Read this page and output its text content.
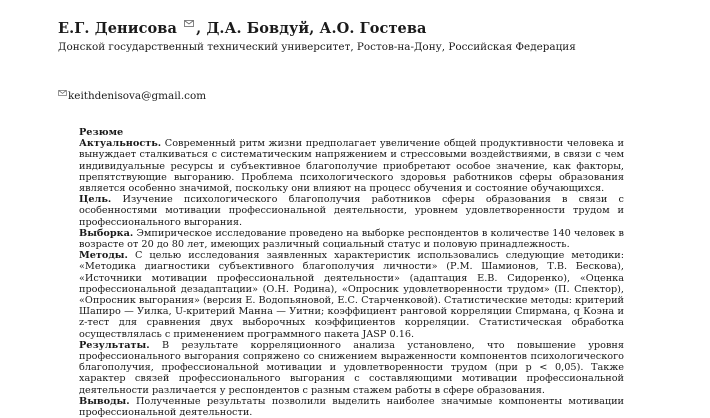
Е.Г. Денисова , Д.А. Бовдуй, А.О. Гостева
Донской государственный технический университет, Ростов-на-Дону, Российская Федерация
keithdenisova@gmail.com

Резюме

Актуальность. Современный ритм жизни предполагает увеличение общей продуктивности человека и вынуждает сталкиваться с систематическим напряжением и стрессовыми воздействиями, в связи с чем индивидуальные ресурсы и субъективное благополучие приобретают особое значение, как факторы, препятствующие выгоранию. Проблема психологического здоровья работников сферы образования является особенно значимой, поскольку они влияют на процесс обучения и состояние обучающихся.

Цель. Изучение психологического благополучия работников сферы образования в связи с особенностями мотивации профессиональной деятельности, уровнем удовлетворенности трудом и профессионального выгорания.

Выборка. Эмпирическое исследование проведено на выборке респондентов в количестве 140 человек в возрасте от 20 до 80 лет, имеющих различный социальный статус и половую принадлежность.

Методы. С целью исследования заявленных характеристик использовались следующие методики: «Методика диагностики субъективного благополучия личности» (Р.М. Шамионов, Т.В. Бескова), «Источники мотивации профессиональной деятельности» (адаптация Е.В. Сидоренко), «Оценка профессиональной дезадаптации» (О.Н. Родина), «Опросник удовлетворенности трудом» (П. Спектор), «Опросник выгорания» (версия Е. Водопьяновой, Е.С. Старченковой). Статистические методы: критерий Шапиро — Уилка, U-критерий Манна — Уитни; коэффициент ранговой корреляции Спирмана, q Коэна и z-тест для сравнения двух выборочных коэффициентов корреляции. Статистическая обработка осуществлялась с применением программного пакета JASP 0.16.

Результаты. В результате корреляционного анализа установлено, что повышение уровня профессионального выгорания сопряжено со снижением выраженности компонентов психологического благополучия, профессиональной мотивации и удовлетворенности трудом (при p < 0,05). Также характер связей профессионального выгорания с составляющими мотивации профессиональной деятельности различается у респондентов с разным стажем работы в сфере образования.

Выводы. Полученные результаты позволили выделить наиболее значимые компоненты мотивации профессиональной деятельности.
